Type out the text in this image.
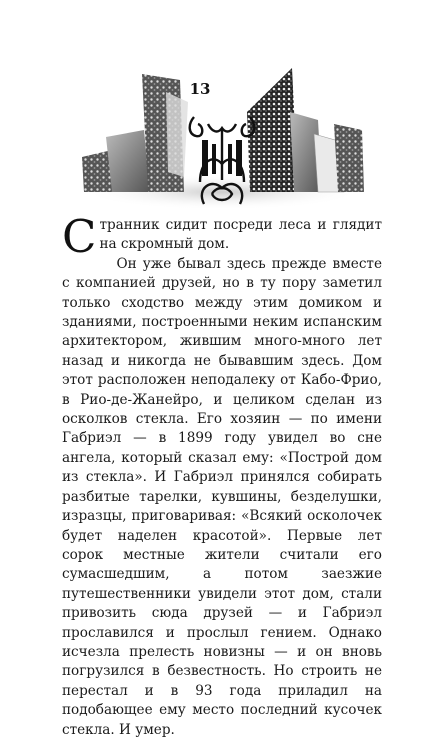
13

Странник сидит посреди леса и глядит на скромный дом.

Он уже бывал здесь прежде вместе с компанией друзей, но в ту пору заметил только сходство между этим домиком и зданиями, построенными неким испанским архитектором, жившим много-много лет назад и никогда не бывавшим здесь. Дом этот расположен неподалеку от Кабо-Фрио, в Рио-де-Жанейро, и целиком сделан из осколков стекла. Его хозяин — по имени Габриэл — в 1899 году увидел во сне ангела, который сказал ему: «Построй дом из стекла». И Габриэл принялся собирать разбитые тарелки, кувшины, безделушки, изразцы, приговаривая: «Всякий осколочек будет наделен красотой». Первые лет сорок местные жители считали его сумасшедшим, а потом заезжие путешественники увидели этот дом, стали привозить сюда друзей — и Габриэл прославился и прослыл гением. Однако исчезла прелесть новизны — и он вновь погрузился в безвестность. Но строить не перестал и в 93 года приладил на подобающее ему место последний кусочек стекла. И умер.
